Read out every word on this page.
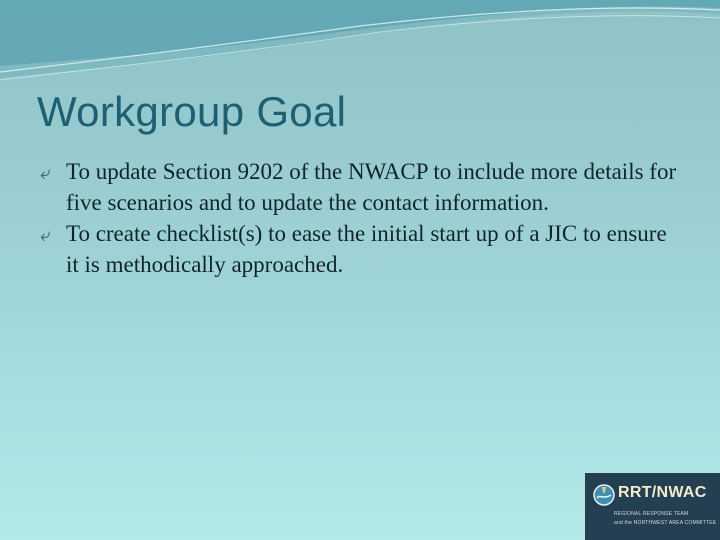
Workgroup Goal
⤶ To update Section 9202 of the NWACP to include more details for five scenarios and to update the contact information.
⤶ To create checklist(s) to ease the initial start up of a JIC to ensure it is methodically approached.
RRT/NWAC
REGIONAL RESPONSE TEAM
and the NORTHWEST AREA COMMITTEE
